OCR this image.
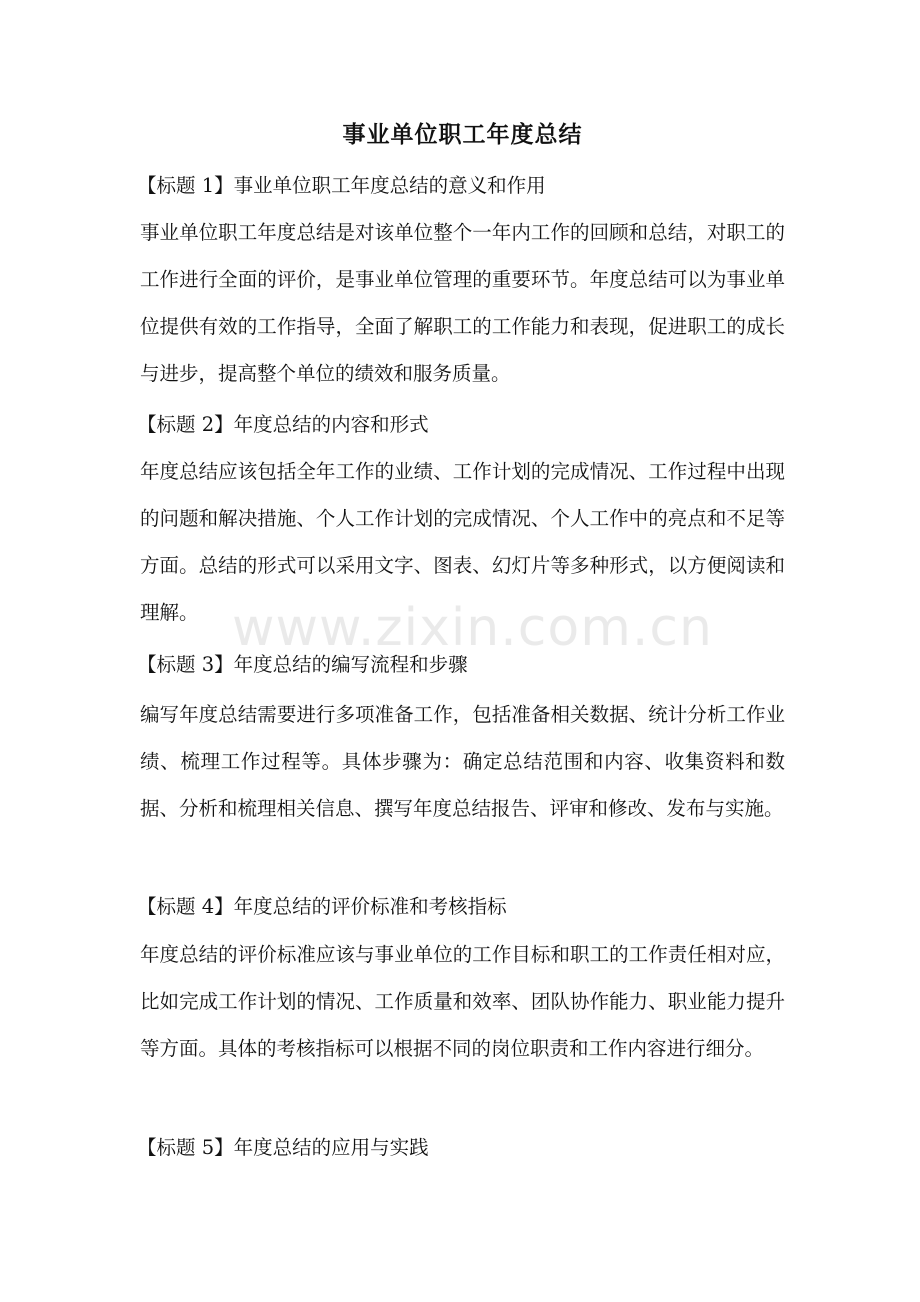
事业单位职工年度总结
【标题 1】事业单位职工年度总结的意义和作用
事业单位职工年度总结是对该单位整个一年内工作的回顾和总结，对职工的工作进行全面的评价，是事业单位管理的重要环节。年度总结可以为事业单位提供有效的工作指导，全面了解职工的工作能力和表现，促进职工的成长与进步，提高整个单位的绩效和服务质量。
【标题 2】年度总结的内容和形式
年度总结应该包括全年工作的业绩、工作计划的完成情况、工作过程中出现的问题和解决措施、个人工作计划的完成情况、个人工作中的亮点和不足等方面。总结的形式可以采用文字、图表、幻灯片等多种形式，以方便阅读和理解。
【标题 3】年度总结的编写流程和步骤
编写年度总结需要进行多项准备工作，包括准备相关数据、统计分析工作业绩、梳理工作过程等。具体步骤为：确定总结范围和内容、收集资料和数据、分析和梳理相关信息、撰写年度总结报告、评审和修改、发布与实施。
【标题 4】年度总结的评价标准和考核指标
年度总结的评价标准应该与事业单位的工作目标和职工的工作责任相对应，比如完成工作计划的情况、工作质量和效率、团队协作能力、职业能力提升等方面。具体的考核指标可以根据不同的岗位职责和工作内容进行细分。
【标题 5】年度总结的应用与实践
www.zixin.com.cn
